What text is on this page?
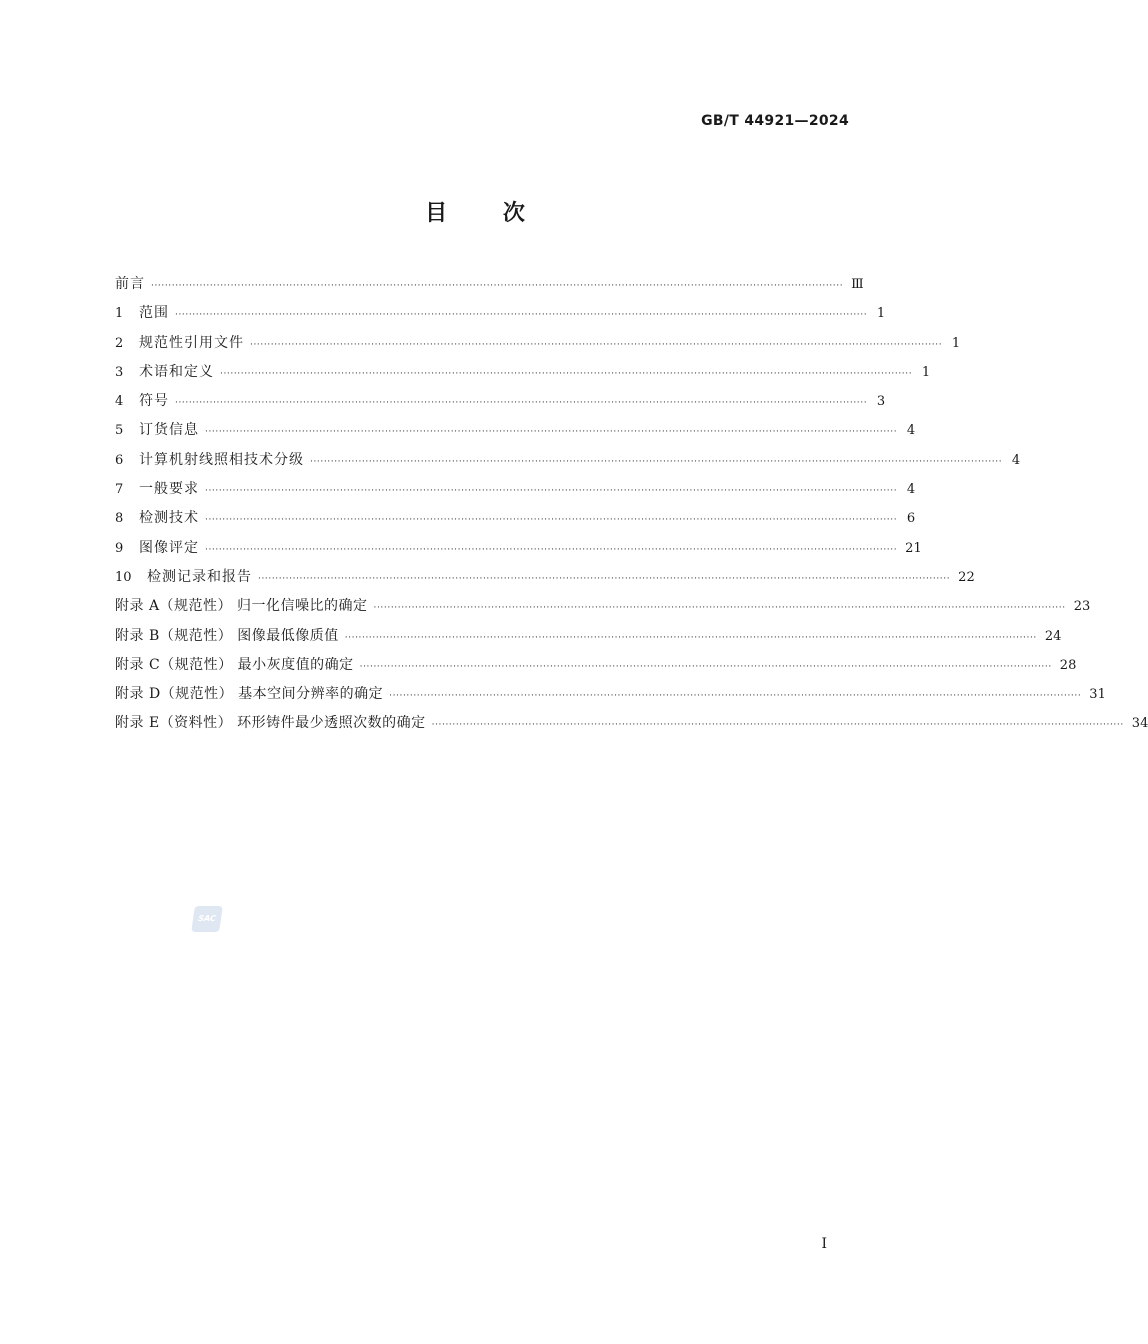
GB/T 44921—2024
目 次
前言 ········································································································································································································ Ⅲ
1	范围 ········································································································································································································ 1
2	规范性引用文件 ········································································································································································································ 1
3	术语和定义 ········································································································································································································ 1
4	符号 ········································································································································································································ 3
5	订货信息 ········································································································································································································ 4
6	计算机射线照相技术分级 ········································································································································································································ 4
7	一般要求 ········································································································································································································ 4
8	检测技术 ········································································································································································································ 6
9	图像评定 ········································································································································································································ 21
10	检测记录和报告 ········································································································································································································ 22
附录 A（规范性） 归一化信噪比的确定 ········································································································································································································ 23
附录 B（规范性） 图像最低像质值 ········································································································································································································ 24
附录 C（规范性） 最小灰度值的确定 ········································································································································································································ 28
附录 D（规范性） 基本空间分辨率的确定 ········································································································································································································ 31
附录 E（资料性） 环形铸件最少透照次数的确定 ········································································································································································································ 34
SAC
Ⅰ
